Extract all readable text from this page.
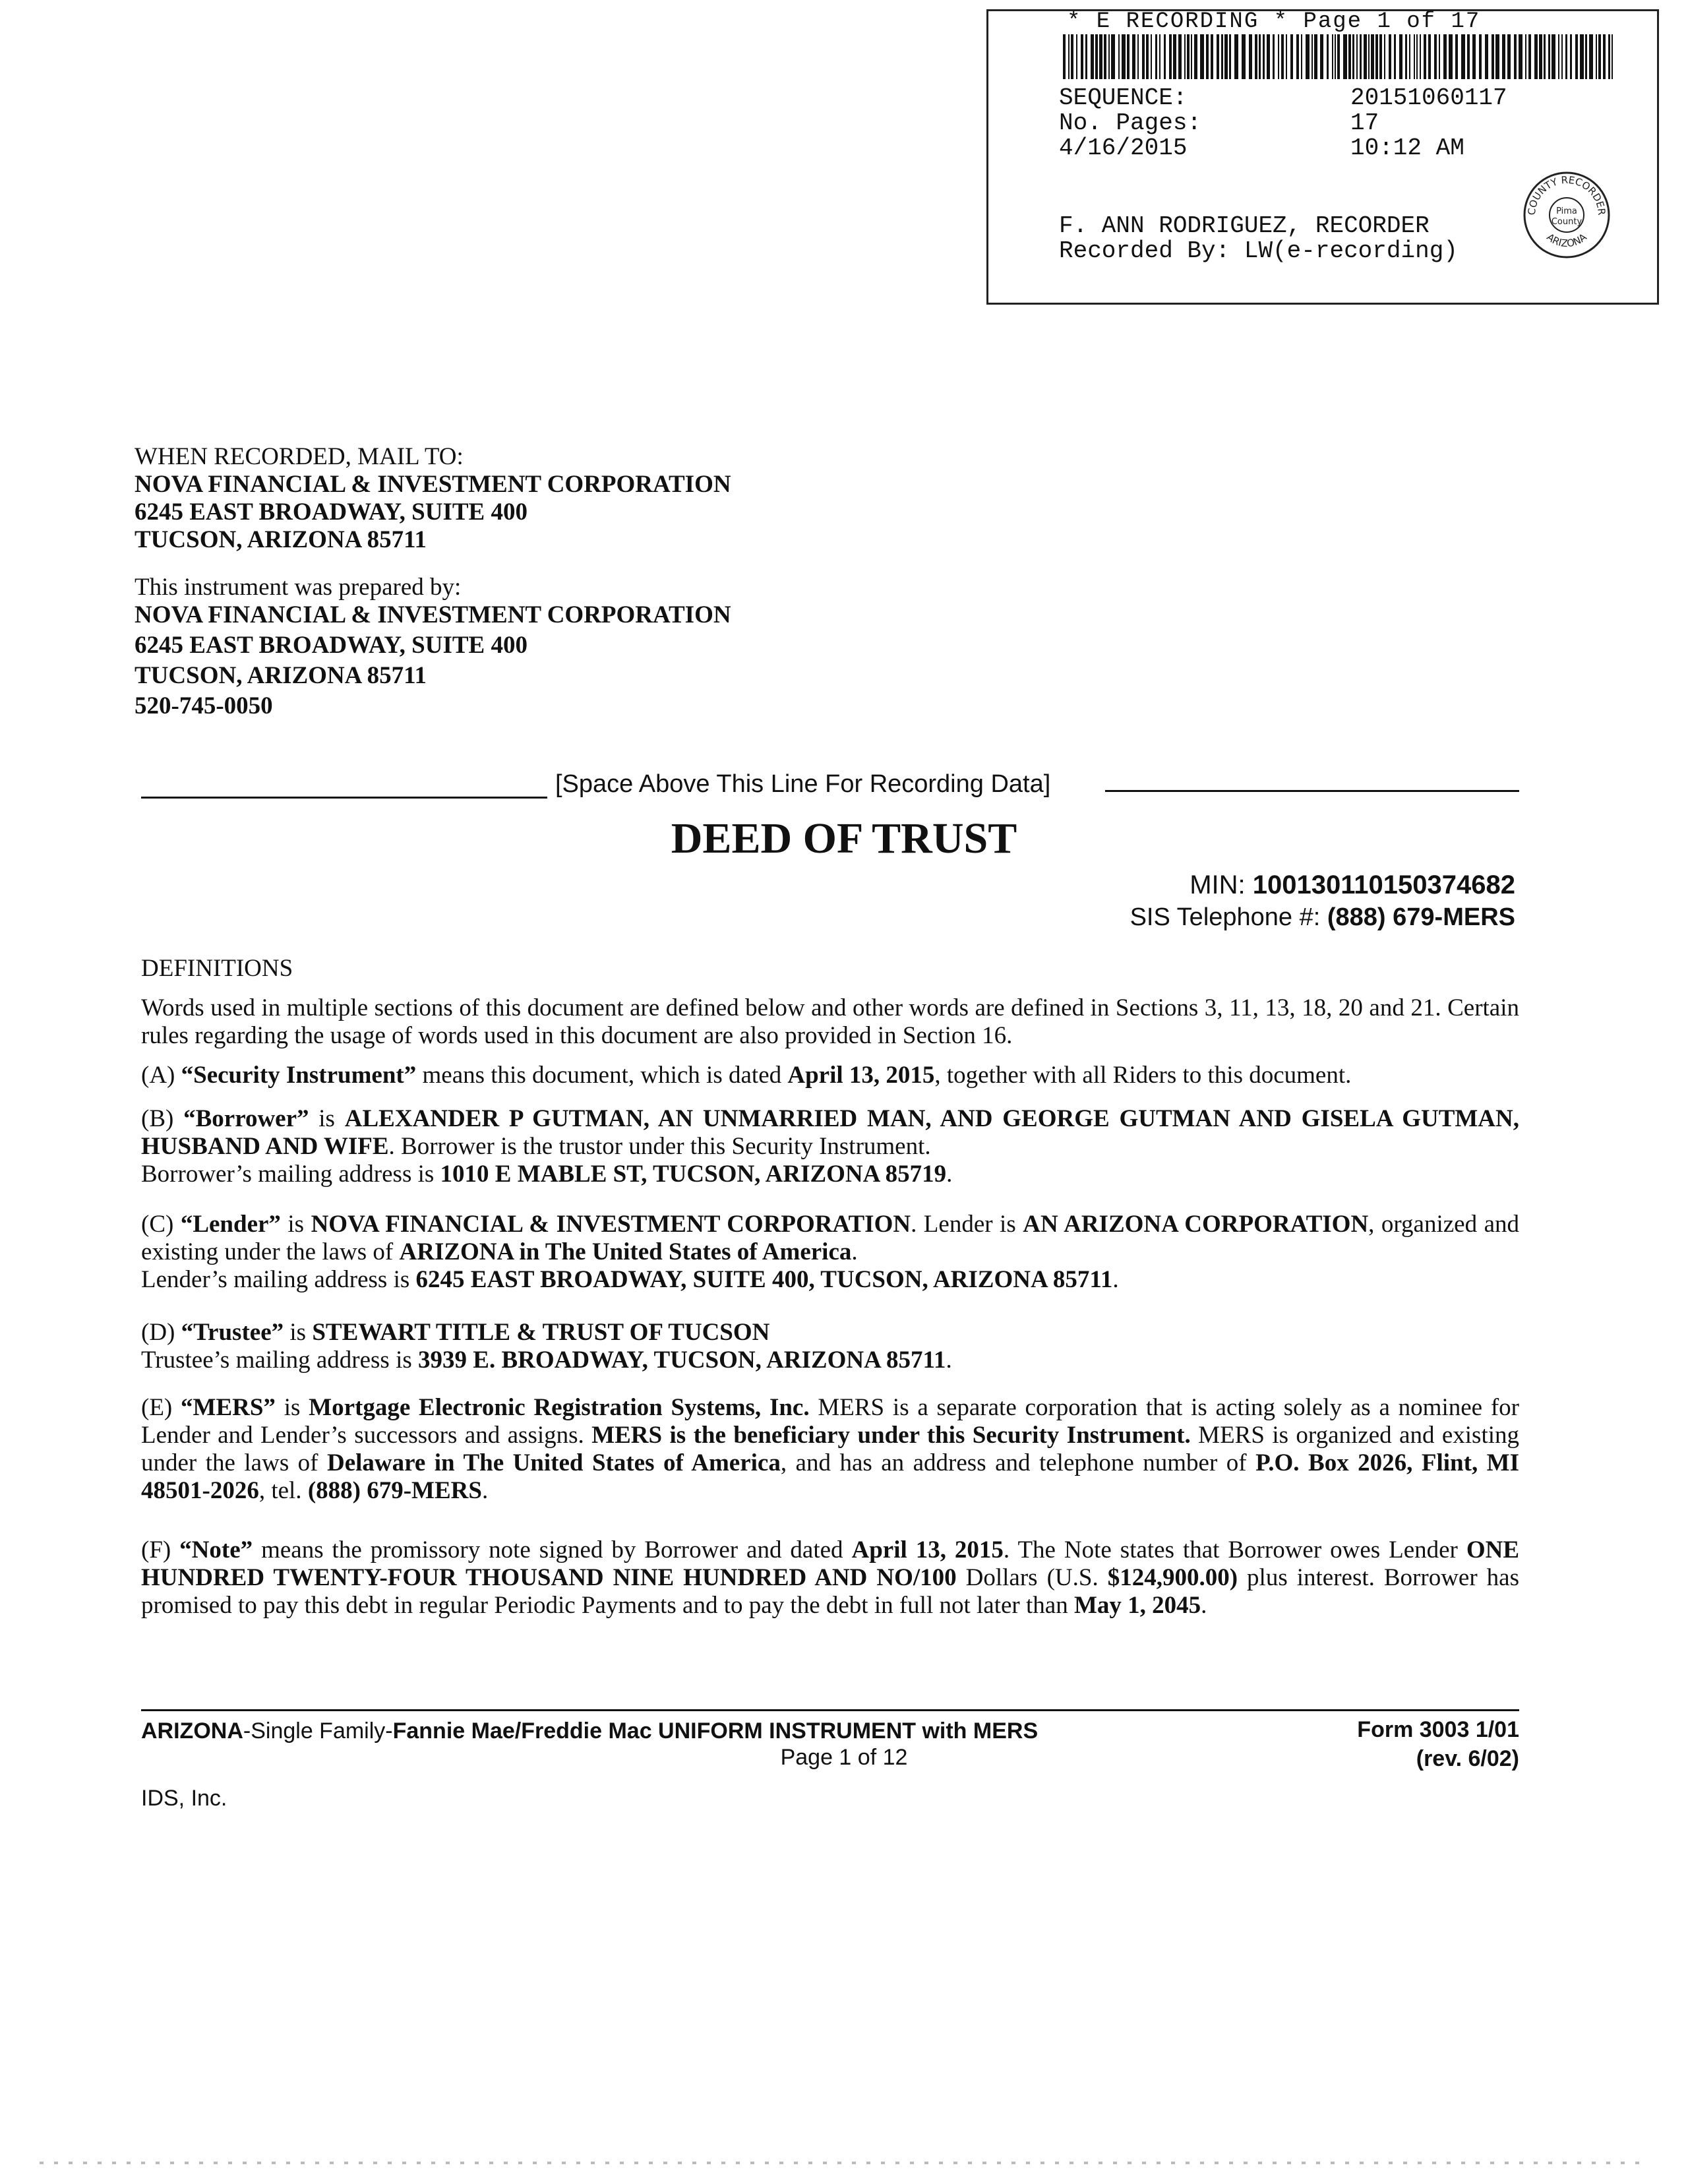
* E RECORDING * Page 1 of 17
SEQUENCE:	20151060117
No. Pages:	17
4/16/2015	10:12 AM
F. ANN RODRIGUEZ, RECORDER
Recorded By: LW(e-recording)
COUNTY RECORDER
ARIZONA
Pima
County
WHEN RECORDED, MAIL TO:
NOVA FINANCIAL & INVESTMENT CORPORATION
6245 EAST BROADWAY, SUITE 400
TUCSON, ARIZONA 85711
This instrument was prepared by:
NOVA FINANCIAL & INVESTMENT CORPORATION
6245 EAST BROADWAY, SUITE 400
TUCSON, ARIZONA 85711
520-745-0050
[Space Above This Line For Recording Data]
DEED OF TRUST
MIN: 100130110150374682
SIS Telephone #: (888) 679-MERS
DEFINITIONS
Words used in multiple sections of this document are defined below and other words are defined in Sections 3, 11, 13, 18, 20 and 21. Certain rules regarding the usage of words used in this document are also provided in Section 16.
(A) “Security Instrument” means this document, which is dated April 13, 2015, together with all Riders to this document.
(B) “Borrower” is ALEXANDER P GUTMAN, AN UNMARRIED MAN, AND GEORGE GUTMAN AND GISELA GUTMAN, HUSBAND AND WIFE. Borrower is the trustor under this Security Instrument.
Borrower’s mailing address is 1010 E MABLE ST, TUCSON, ARIZONA 85719.
(C) “Lender” is NOVA FINANCIAL & INVESTMENT CORPORATION. Lender is AN ARIZONA CORPORATION, organized and existing under the laws of ARIZONA in The United States of America.
Lender’s mailing address is 6245 EAST BROADWAY, SUITE 400, TUCSON, ARIZONA 85711.
(D) “Trustee” is STEWART TITLE & TRUST OF TUCSON
Trustee’s mailing address is 3939 E. BROADWAY, TUCSON, ARIZONA 85711.
(E) “MERS” is Mortgage Electronic Registration Systems, Inc. MERS is a separate corporation that is acting solely as a nominee for Lender and Lender’s successors and assigns. MERS is the beneficiary under this Security Instrument. MERS is organized and existing under the laws of Delaware in The United States of America, and has an address and telephone number of P.O. Box 2026, Flint, MI 48501-2026, tel. (888) 679-MERS.
(F) “Note” means the promissory note signed by Borrower and dated April 13, 2015. The Note states that Borrower owes Lender ONE HUNDRED TWENTY-FOUR THOUSAND NINE HUNDRED AND NO/100 Dollars (U.S. $124,900.00) plus interest. Borrower has promised to pay this debt in regular Periodic Payments and to pay the debt in full not later than May 1, 2045.
ARIZONA-Single Family-Fannie Mae/Freddie Mac UNIFORM INSTRUMENT with MERS
Page 1 of 12
Form 3003 1/01
(rev. 6/02)
IDS, Inc.
